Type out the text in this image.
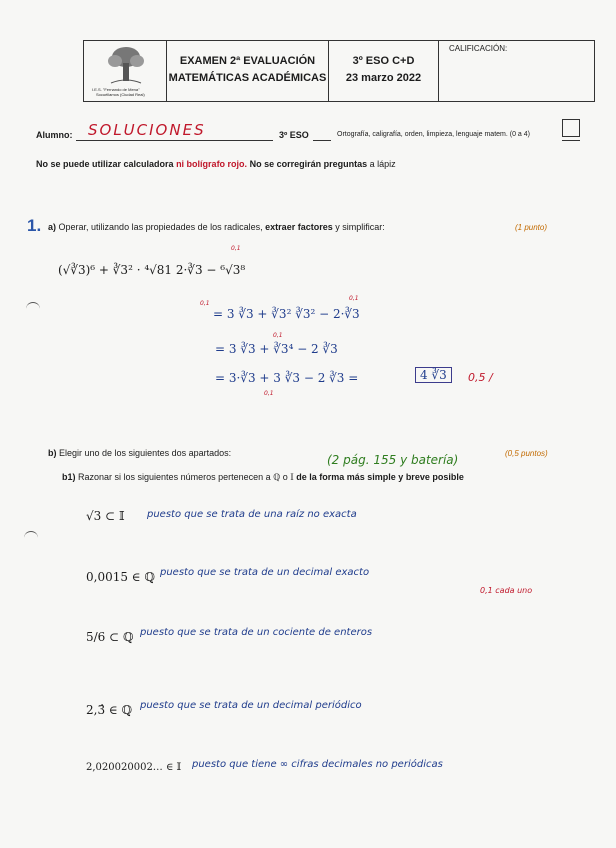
I.E.S. "Fernando de Mena"
Socuéllamos (Ciudad Real)
EXAMEN 2ª EVALUACIÓN
MATEMÁTICAS ACADÉMICAS
3º ESO C+D
23 marzo 2022
CALIFICACIÓN:
Alumno: SOLUCIONES	3º ESO	Ortografía, caligrafía, orden, limpieza, lenguaje matem. (0 a 4)
No se puede utilizar calculadora ni bolígrafo rojo. No se corregirán preguntas a lápiz
1. a) Operar, utilizando las propiedades de los radicales, extraer factores y simplificar:	(1 punto)
(√∛3)⁶ + ∛3² · ⁴√81 2·∛3 − ⁶√3⁸
0,1
0,1
0,1
0,1
0,1
= 3 ∛3 + ∛3² ∛3² − 2·∛3
= 3 ∛3 + ∛3⁴ − 2 ∛3
= 3·∛3 + 3 ∛3 − 2 ∛3 =	4 ∛3	0,5 /
b) Elegir uno de los siguientes dos apartados:	(0,5 puntos)
(2 pág. 155 y batería)
b1) Razonar si los siguientes números pertenecen a ℚ o 𝕀 de la forma más simple y breve posible
√3 ⊂ 𝕀 puesto que se trata de una raíz no exacta
0,0015 ∈ ℚ puesto que se trata de un decimal exacto
0,1 cada uno
5/6 ⊂ ℚ puesto que se trata de un cociente de enteros
2,3̂ ∈ ℚ puesto que se trata de un decimal periódico
2,020020002… ∈ 𝕀 puesto que tiene ∞ cifras decimales no periódicas
